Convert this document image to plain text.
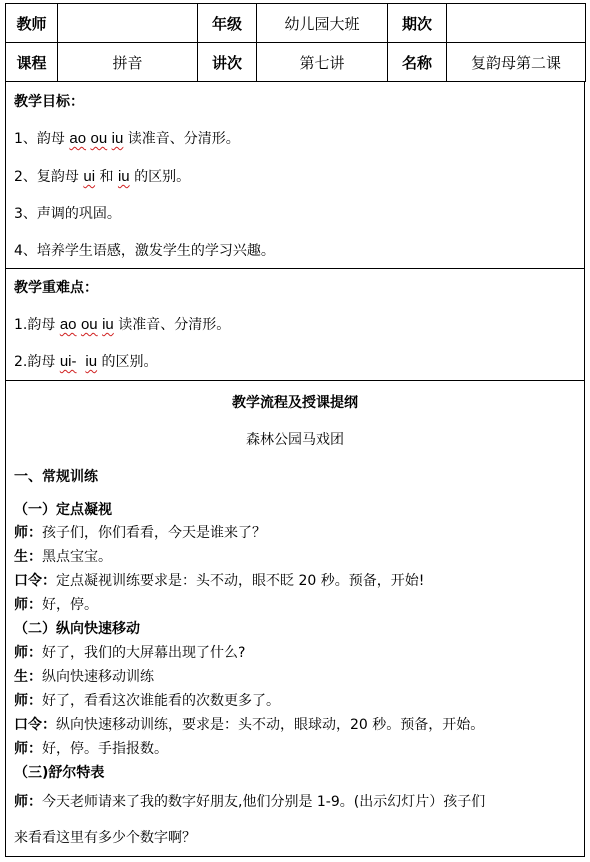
教师		年级	幼儿园大班	期次	
课程	拼音	讲次	第七讲	名称	复韵母第二课
教学目标：
1、韵母 ao ou iu 读准音、分清形。
2、复韵母 ui 和 iu 的区别。
3、声调的巩固。
4、培养学生语感，激发学生的学习兴趣。
教学重难点：
1.韵母 ao ou iu 读准音、分清形。
2.韵母 ui- iu 的区别。
教学流程及授课提纲
森林公园马戏团
一、常规训练
（一）定点凝视
师：孩子们，你们看看，今天是谁来了？
生：黑点宝宝。
口令：定点凝视训练要求是：头不动，眼不眨 20 秒。预备，开始!
师：好，停。
（二）纵向快速移动
师：好了，我们的大屏幕出现了什么?
生：纵向快速移动训练
师：好了，看看这次谁能看的次数更多了。
口令：纵向快速移动训练，要求是：头不动，眼球动，20 秒。预备，开始。
师：好，停。手指报数。
（三)舒尔特表
师：今天老师请来了我的数字好朋友,他们分别是 1-9。(出示幻灯片）孩子们
来看看这里有多少个数字啊？
